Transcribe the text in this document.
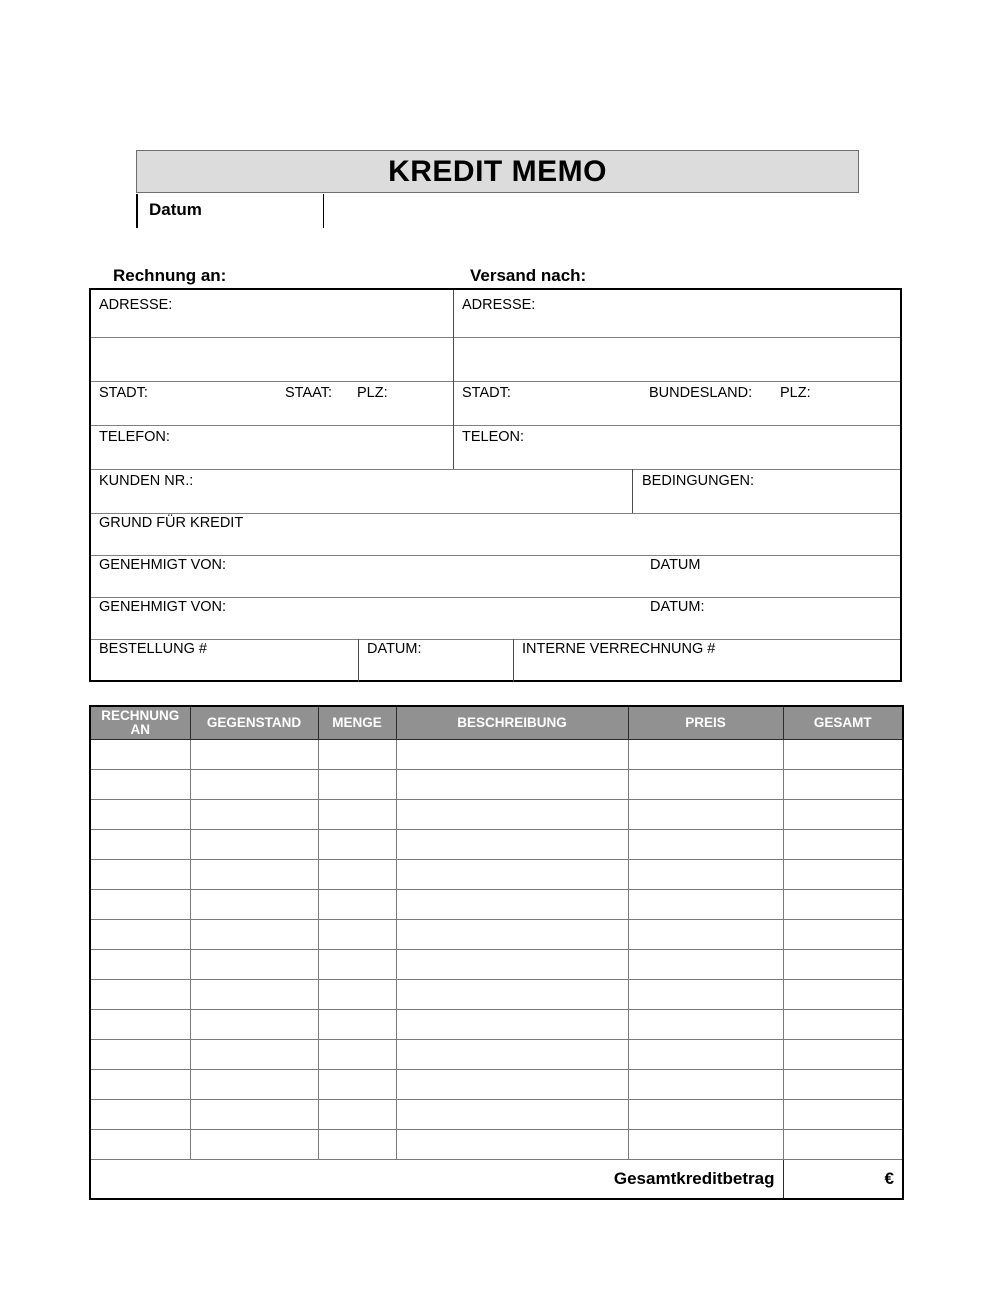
KREDIT MEMO
Datum
Rechnung an:	Versand nach:
ADRESSE:	ADRESSE:
STADT:	STAAT: PLZ:	STADT:	BUNDESLAND: PLZ:
TELEFON:	TELEON:
KUNDEN NR.:	BEDINGUNGEN:
GRUND FÜR KREDIT
GENEHMIGT VON:	DATUM
GENEHMIGT VON:	DATUM:
BESTELLUNG #	DATUM:	INTERNE VERRECHNUNG #
RECHNUNG AN	GEGENSTAND	MENGE	BESCHREIBUNG	PREIS	GESAMT

Gesamtkreditbetrag					€
